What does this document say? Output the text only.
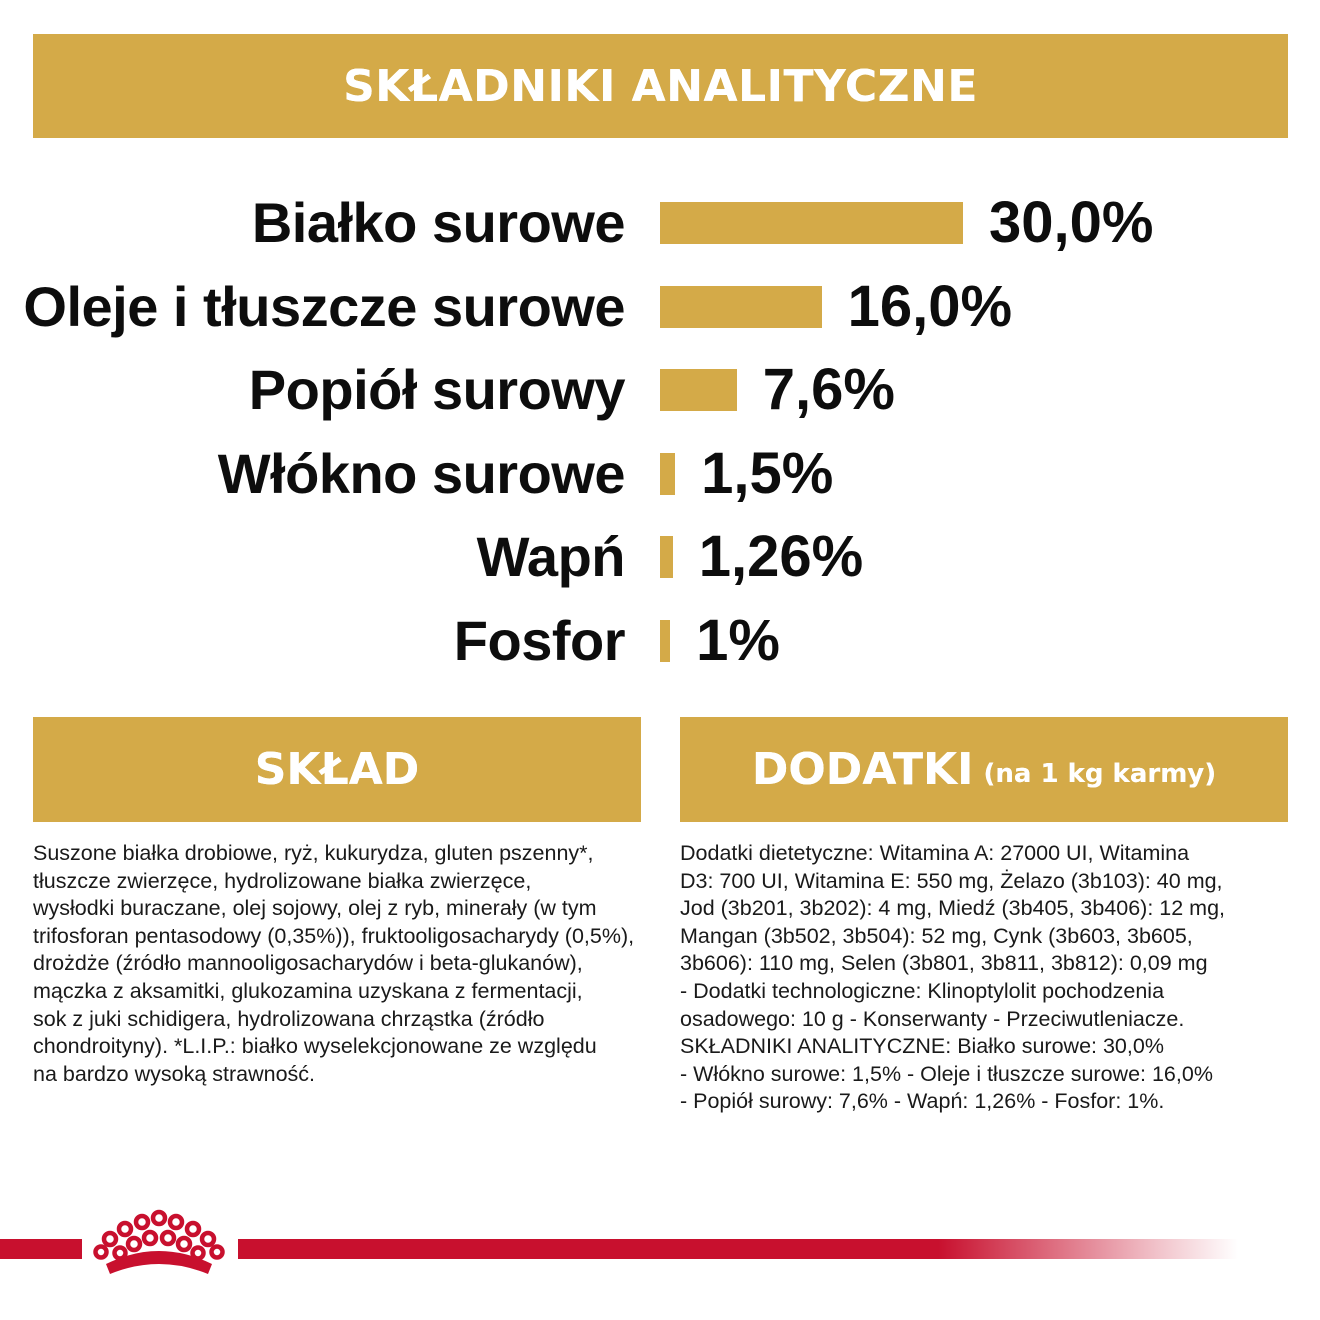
SKŁADNIKI ANALITYCZNE
Białko surowe	30,0%
Oleje i tłuszcze surowe	16,0%
Popiół surowy 7,6%
Włókno surowe 1,5%
Wapń 1,26%
Fosfor 1%
SKŁAD	DODATKI (na 1 kg karmy)
Suszone białka drobiowe, ryż, kukurydza, gluten pszenny*,
tłuszcze zwierzęce, hydrolizowane białka zwierzęce,
wysłodki buraczane, olej sojowy, olej z ryb, minerały (w tym
trifosforan pentasodowy (0,35%)), fruktooligosacharydy (0,5%),
drożdże (źródło mannooligosacharydów i beta-glukanów),
mączka z aksamitki, glukozamina uzyskana z fermentacji,
sok z juki schidigera, hydrolizowana chrząstka (źródło
chondroityny). *L.I.P.: białko wyselekcjonowane ze względu
na bardzo wysoką strawność.
Dodatki dietetyczne: Witamina A: 27000 UI, Witamina
D3: 700 UI, Witamina E: 550 mg, Żelazo (3b103): 40 mg,
Jod (3b201, 3b202): 4 mg, Miedź (3b405, 3b406): 12 mg,
Mangan (3b502, 3b504): 52 mg, Cynk (3b603, 3b605,
3b606): 110 mg, Selen (3b801, 3b811, 3b812): 0,09 mg
- Dodatki technologiczne: Klinoptylolit pochodzenia
osadowego: 10 g - Konserwanty - Przeciwutleniacze.
SKŁADNIKI ANALITYCZNE: Białko surowe: 30,0%
- Włókno surowe: 1,5% - Oleje i tłuszcze surowe: 16,0%
- Popiół surowy: 7,6% - Wapń: 1,26% - Fosfor: 1%.
